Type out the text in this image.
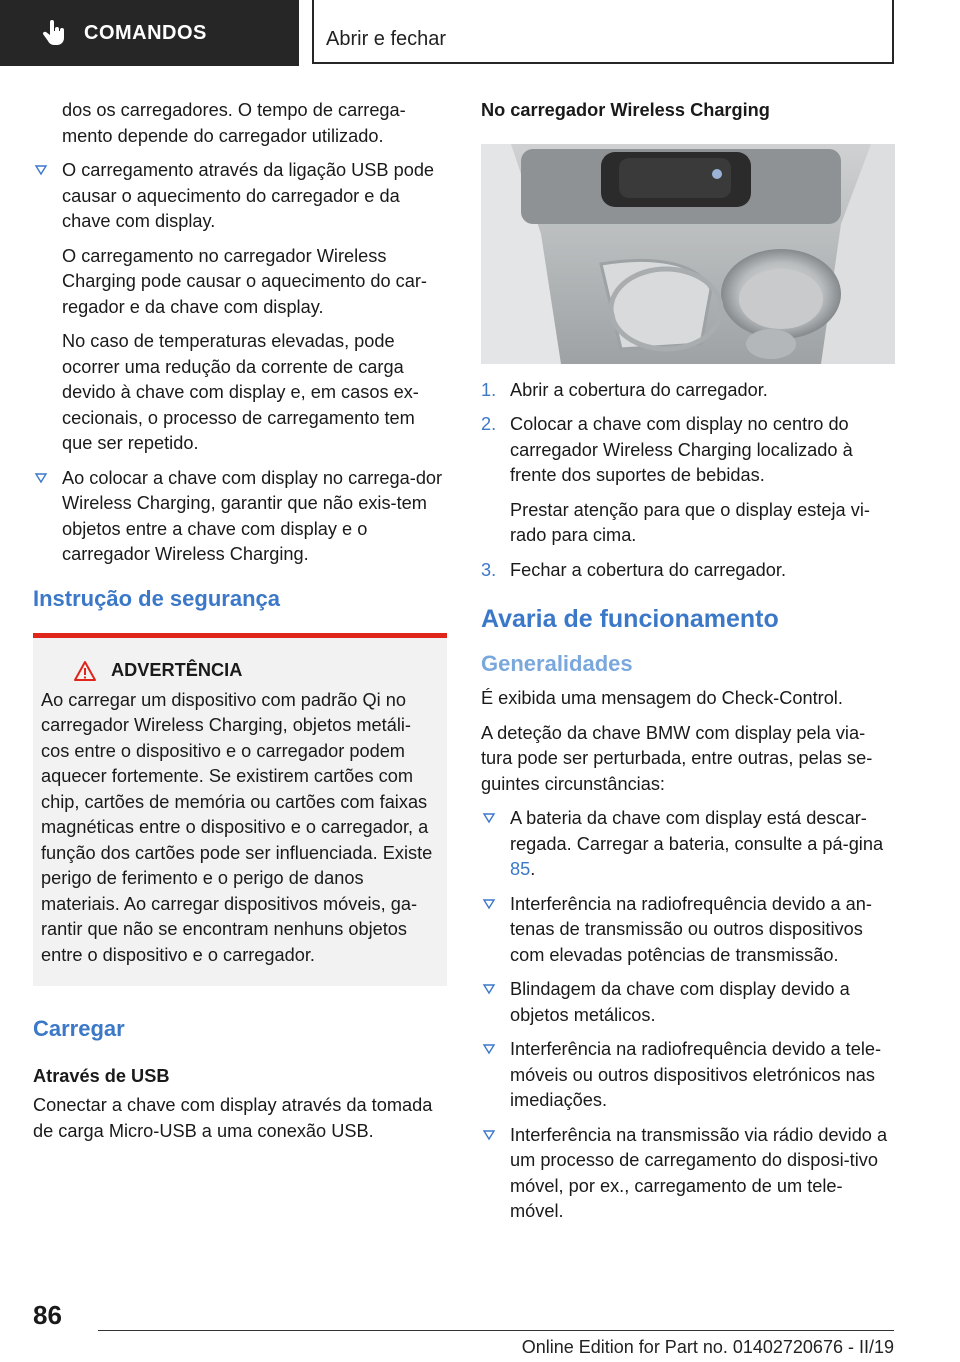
COMANDOS	Abrir e fechar

dos os carregadores. O tempo de carrega-mento depende do carregador utilizado.

O carregamento através da ligação USB pode causar o aquecimento do carregador e da chave com display.

O carregamento no carregador Wireless Charging pode causar o aquecimento do car-regador e da chave com display.

No caso de temperaturas elevadas, pode ocorrer uma redução da corrente de carga devido à chave com display e, em casos ex-cecionais, o processo de carregamento tem que ser repetido.

Ao colocar a chave com display no carrega-dor Wireless Charging, garantir que não exis-tem objetos entre a chave com display e o carregador Wireless Charging.
Instrução de segurança
ADVERTÊNCIA
Ao carregar um dispositivo com padrão Qi no carregador Wireless Charging, objetos metáli-cos entre o dispositivo e o carregador podem aquecer fortemente. Se existirem cartões com chip, cartões de memória ou cartões com faixas magnéticas entre o dispositivo e o carregador, a função dos cartões pode ser influenciada. Existe perigo de ferimento e o perigo de danos materiais. Ao carregar dispositivos móveis, ga-rantir que não se encontram nenhuns objetos entre o dispositivo e o carregador.
Carregar
Através de USB

Conectar a chave com display através da tomada de carga Micro-USB a uma conexão USB.

No carregador Wireless Charging
1. Abrir a cobertura do carregador.
2. Colocar a chave com display no centro do carregador Wireless Charging localizado à frente dos suportes de bebidas.

Prestar atenção para que o display esteja vi-rado para cima.

3. Fechar a cobertura do carregador.
Avaria de funcionamento
Generalidades

É exibida uma mensagem do Check-Control.

A deteção da chave BMW com display pela via-tura pode ser perturbada, entre outras, pelas se-guintes circunstâncias:

A bateria da chave com display está descar-regada. Carregar a bateria, consulte a pá-gina 85.
Interferência na radiofrequência devido a an-tenas de transmissão ou outros dispositivos com elevadas potências de transmissão.
Blindagem da chave com display devido a objetos metálicos.
Interferência na radiofrequência devido a tele-móveis ou outros dispositivos eletrónicos nas imediações.
Interferência na transmissão via rádio devido a um processo de carregamento do disposi-tivo móvel, por ex., carregamento de um tele-móvel.
86
Online Edition for Part no. 01402720676 - II/19
